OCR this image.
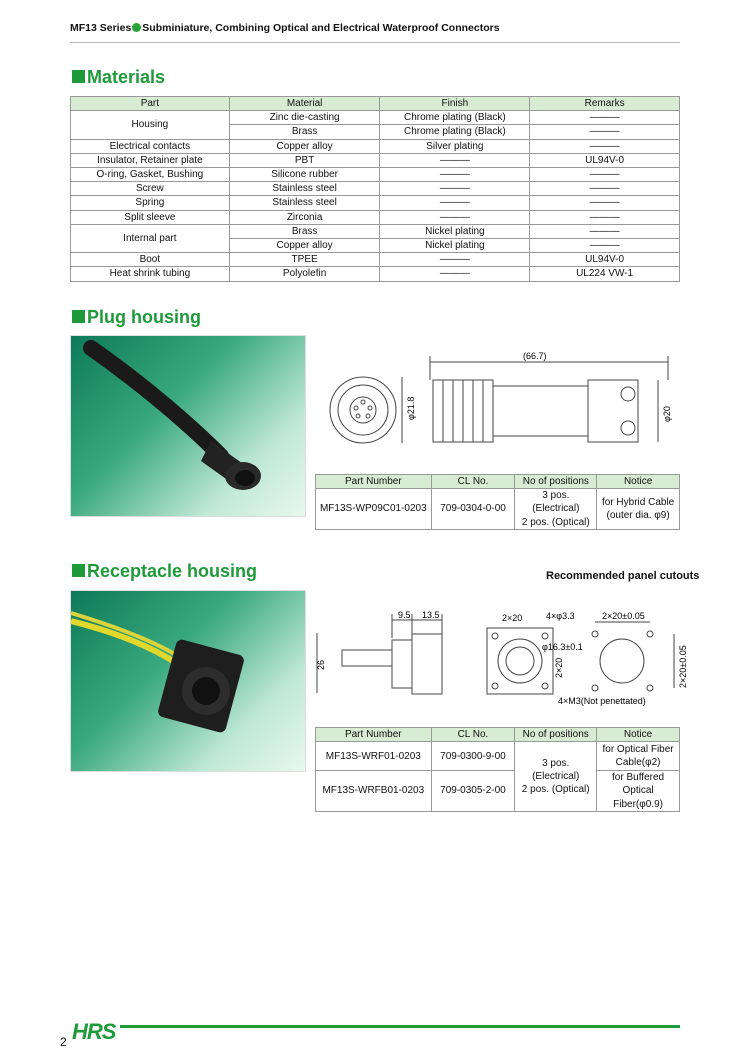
MF13 Series Subminiature, Combining Optical and Electrical Waterproof Connectors
Materials
Part	Material	Finish	Remarks
Housing	Zinc die-casting	Chrome plating (Black)	———
	Brass	Chrome plating (Black)	———
Electrical contacts	Copper alloy	Silver plating	———
Insulator, Retainer plate	PBT	———	UL94V-0
O-ring, Gasket, Bushing	Silicone rubber	———	———
Screw	Stainless steel	———	———
Spring	Stainless steel	———	———
Split sleeve	Zirconia	———	———
Internal part	Brass	Nickel plating	———
	Copper alloy	Nickel plating	———
Boot	TPEE	———	UL94V-0
Heat shrink tubing	Polyolefin	———	UL224 VW-1
Plug housing
(66.7)
φ21.8	φ20
Part Number	CL No.	No of positions	Notice
MF13S-WP09C01-0203	709-0304-0-00	3 pos. (Electrical)
2 pos. (Optical)	for Hybrid Cable
(outer dia. φ9)
Receptacle housing	Recommended panel cutouts
9.5 13.5
26
2×20	4×φ3.3
φ16.3±0.1
2×20
4×M3(Not penettated)
2×20±0.05
2×20±0.05
Part Number	CL No.	No of positions	Notice
MF13S-WRF01-0203	709-0300-9-00	3 pos. (Electrical)
2 pos. (Optical)	for Optical Fiber
Cable(φ2)
MF13S-WRFB01-0203	709-0305-2-00		for Buffered
Optical Fiber(φ0.9)
2 HRS
